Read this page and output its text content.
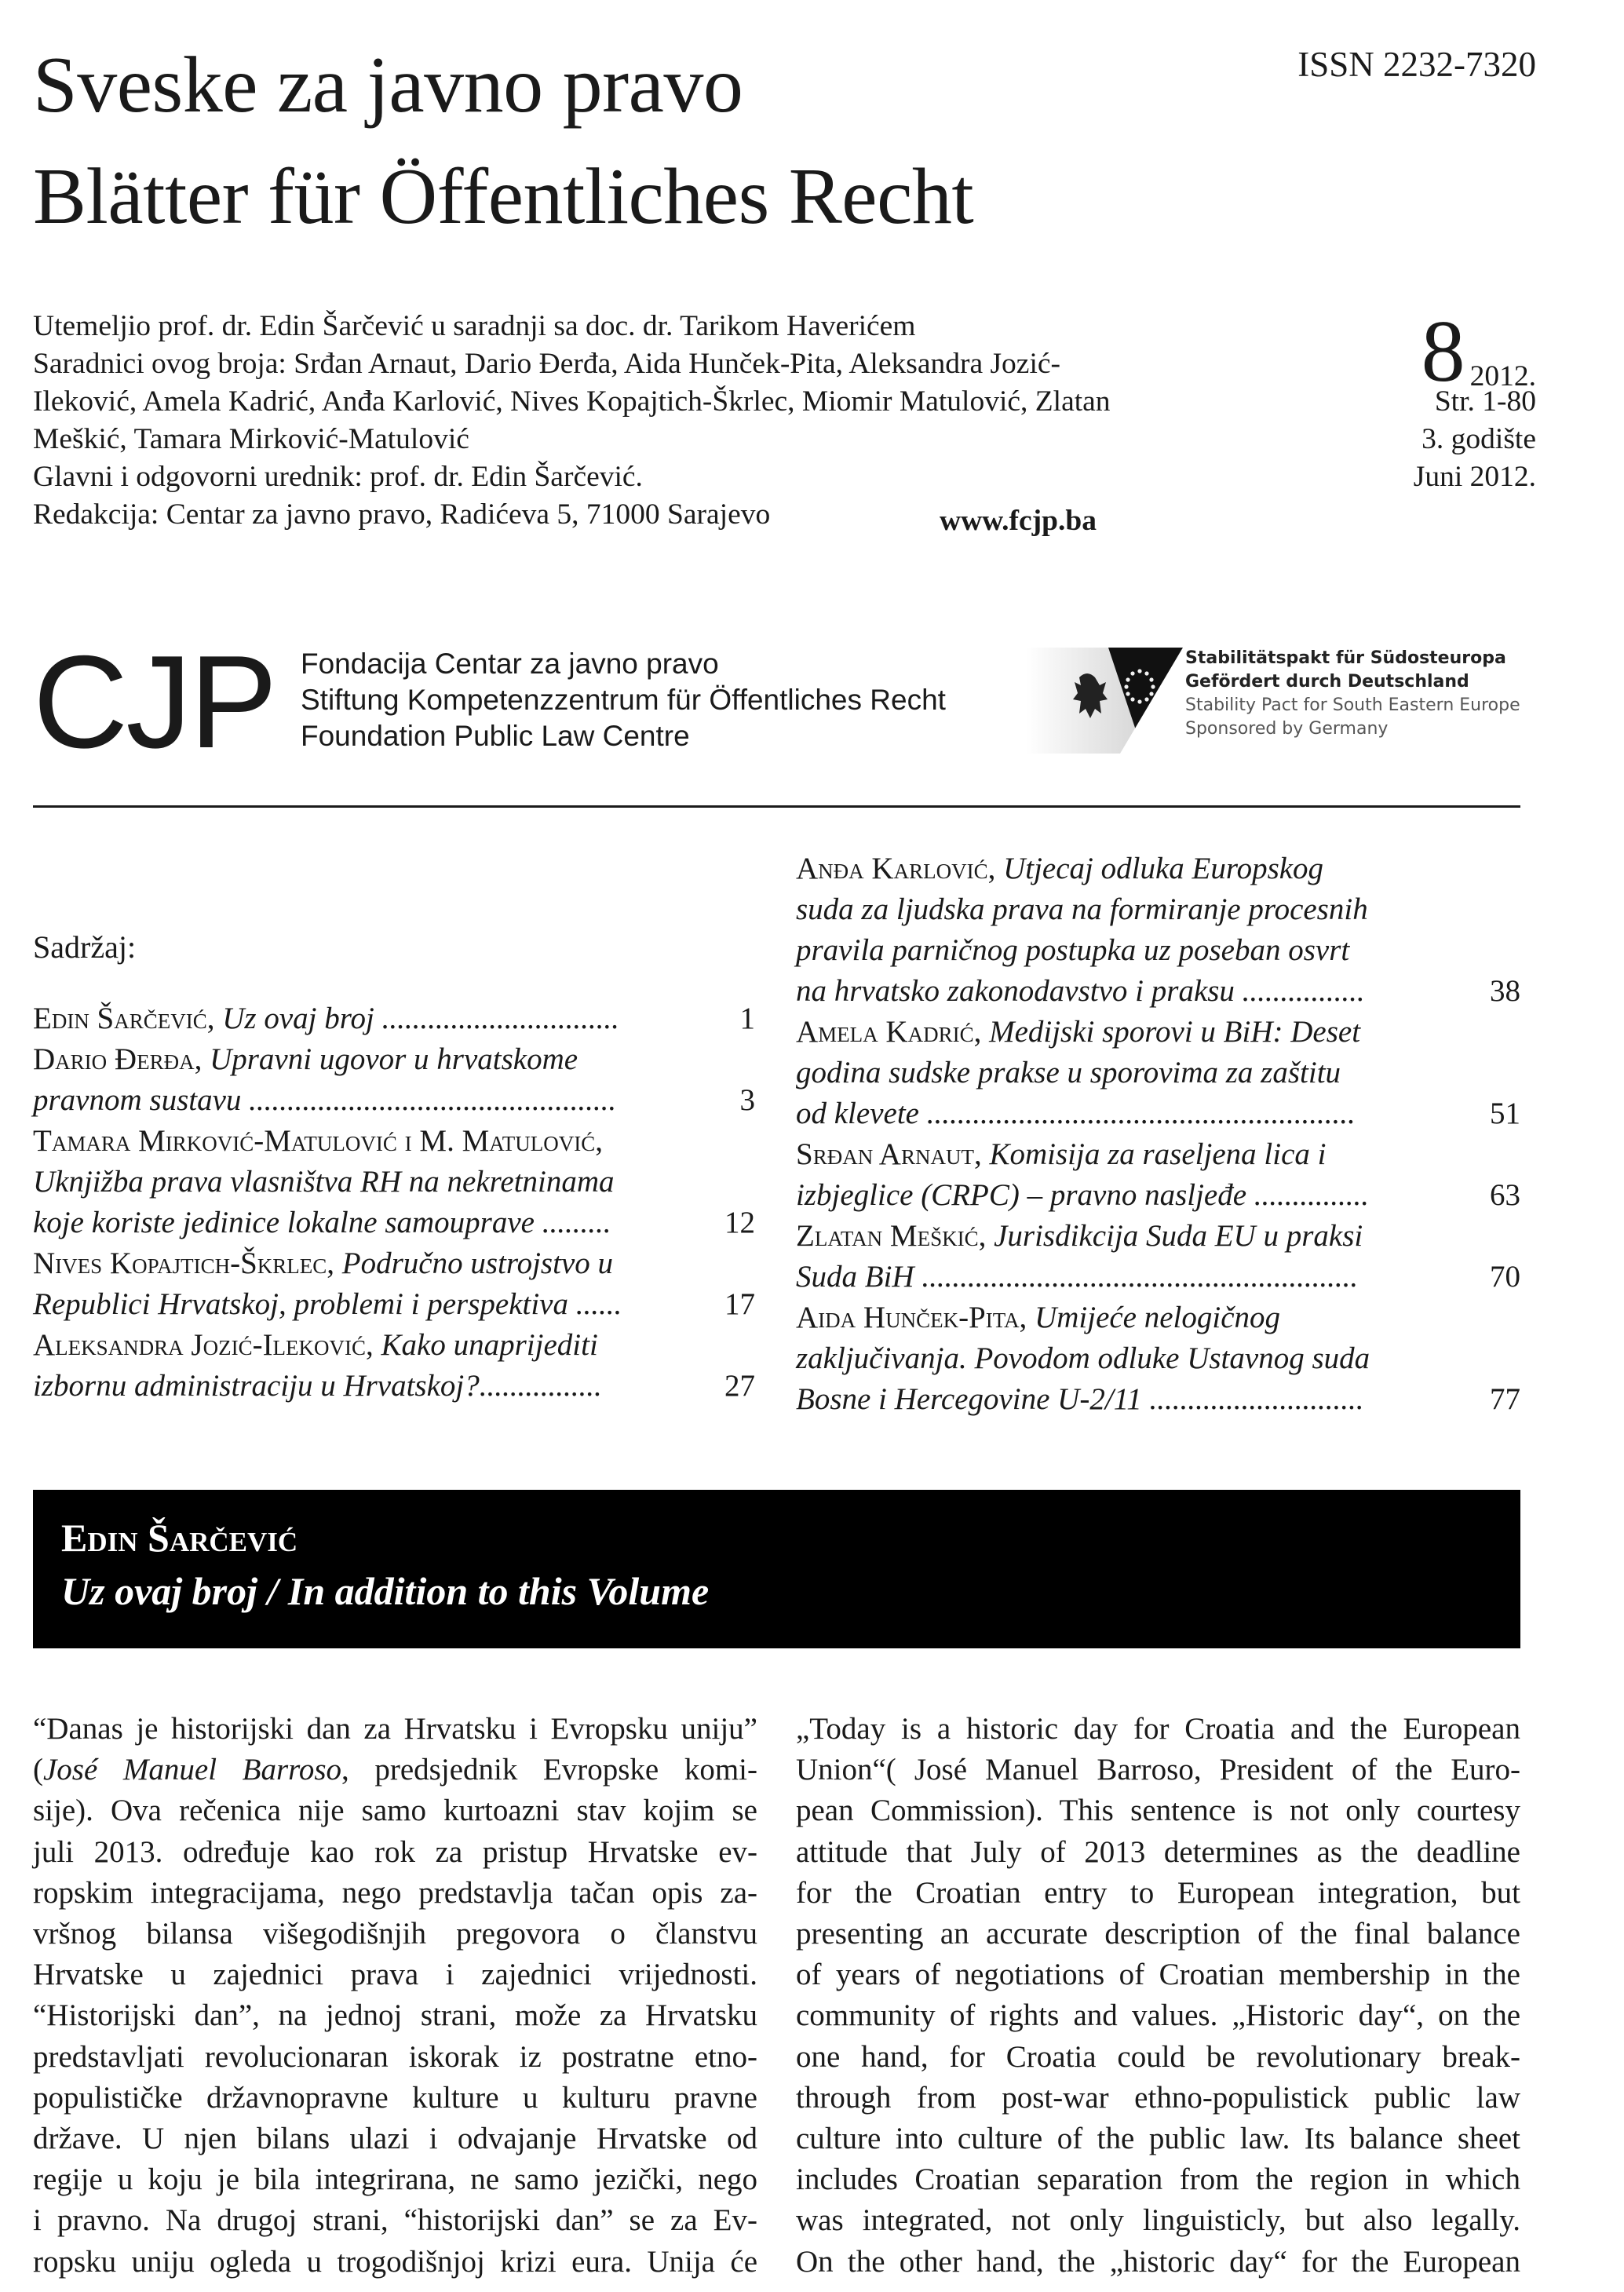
Sveske za javno pravo
Blätter für Öffentliches Recht
ISSN 2232-7320
Utemeljio prof. dr. Edin Šarčević u saradnji sa doc. dr. Tarikom Haverićem
Saradnici ovog broja: Srđan Arnaut, Dario Đerđa, Aida Hunček-Pita, Aleksandra Jozić-
Ileković, Amela Kadrić, Anđa Karlović, Nives Kopajtich-Škrlec, Miomir Matulović, Zlatan
Meškić, Tamara Mirković-Matulović
Glavni i odgovorni urednik: prof. dr. Edin Šarčević.
Redakcija: Centar za javno pravo, Radićeva 5, 71000 Sarajevo	www.fcjp.ba
8 2012.
Str. 1-80
3. godište
Juni 2012.
CJP Fondacija Centar za javno pravo
Stiftung Kompetenzzentrum für Öffentliches Recht
Foundation Public Law Centre
Stabilitätspakt für Südosteuropa
Gefördert durch Deutschland
Stability Pact for South Eastern Europe
Sponsored by Germany
Sadržaj:
Edin Šarčević, Uz ovaj broj ...............................	1
Dario Đerđa, Upravni ugovor u hrvatskome
pravnom sustavu ................................................	3
Tamara Mirković-Matulović i M. Matulović,
Uknjižba prava vlasništva RH na nekretninama
koje koriste jedinice lokalne samouprave .........	12
Nives Kopajtich-Škrlec, Područno ustrojstvo u
Republici Hrvatskoj, problemi i perspektiva ......	17
Aleksandra Jozić-Ileković, Kako unaprijediti
izbornu administraciju u Hrvatskoj?................	27
Anđa Karlović, Utjecaj odluka Europskog
suda za ljudska prava na formiranje procesnih
pravila parničnog postupka uz poseban osvrt
na hrvatsko zakonodavstvo i praksu ................	38
Amela Kadrić, Medijski sporovi u BiH: Deset
godina sudske prakse u sporovima za zaštitu
od klevete ........................................................	51
Srđan Arnaut, Komisija za raseljena lica i
izbjeglice (CRPC) – pravno nasljeđe ...............	63
Zlatan Meškić, Jurisdikcija Suda EU u praksi
Suda BiH .........................................................	70
Aida Hunček-Pita, Umijeće nelogičnog
zaključivanja. Povodom odluke Ustavnog suda
Bosne i Hercegovine U-2/11 ............................	77
Edin Šarčević
Uz ovaj broj / In addition to this Volume
“Danas je historijski dan za Hrvatsku i Evropsku uniju”
(José Manuel Barroso, predsjednik Evropske komi-
sije). Ova rečenica nije samo kurtoazni stav kojim se
juli 2013. određuje kao rok za pristup Hrvatske ev-
ropskim integracijama, nego predstavlja tačan opis za-
vršnog bilansa višegodišnjih pregovora o članstvu
Hrvatske u zajednici prava i zajednici vrijednosti.
“Historijski dan”, na jednoj strani, može za Hrvatsku
predstavljati revolucionaran iskorak iz postratne etno-
populističke državnopravne kulture u kulturu pravne
države. U njen bilans ulazi i odvajanje Hrvatske od
regije u koju je bila integrirana, ne samo jezički, nego
i pravno. Na drugoj strani, “historijski dan” se za Ev-
ropsku uniju ogleda u trogodišnjoj krizi eura. Unija će
„Today is a historic day for Croatia and the European
Union“( José Manuel Barroso, President of the Euro-
pean Commission). This sentence is not only courtesy
attitude that July of 2013 determines as the deadline
for the Croatian entry to European integration, but
presenting an accurate description of the final balance
of years of negotiations of Croatian membership in the
community of rights and values. „Historic day“, on the
one hand, for Croatia could be revolutionary break-
through from post-war ethno-populistick public law
culture into culture of the public law. Its balance sheet
includes Croatian separation from the region in which
was integrated, not only linguisticly, but also legally.
On the other hand, the „historic day“ for the European
